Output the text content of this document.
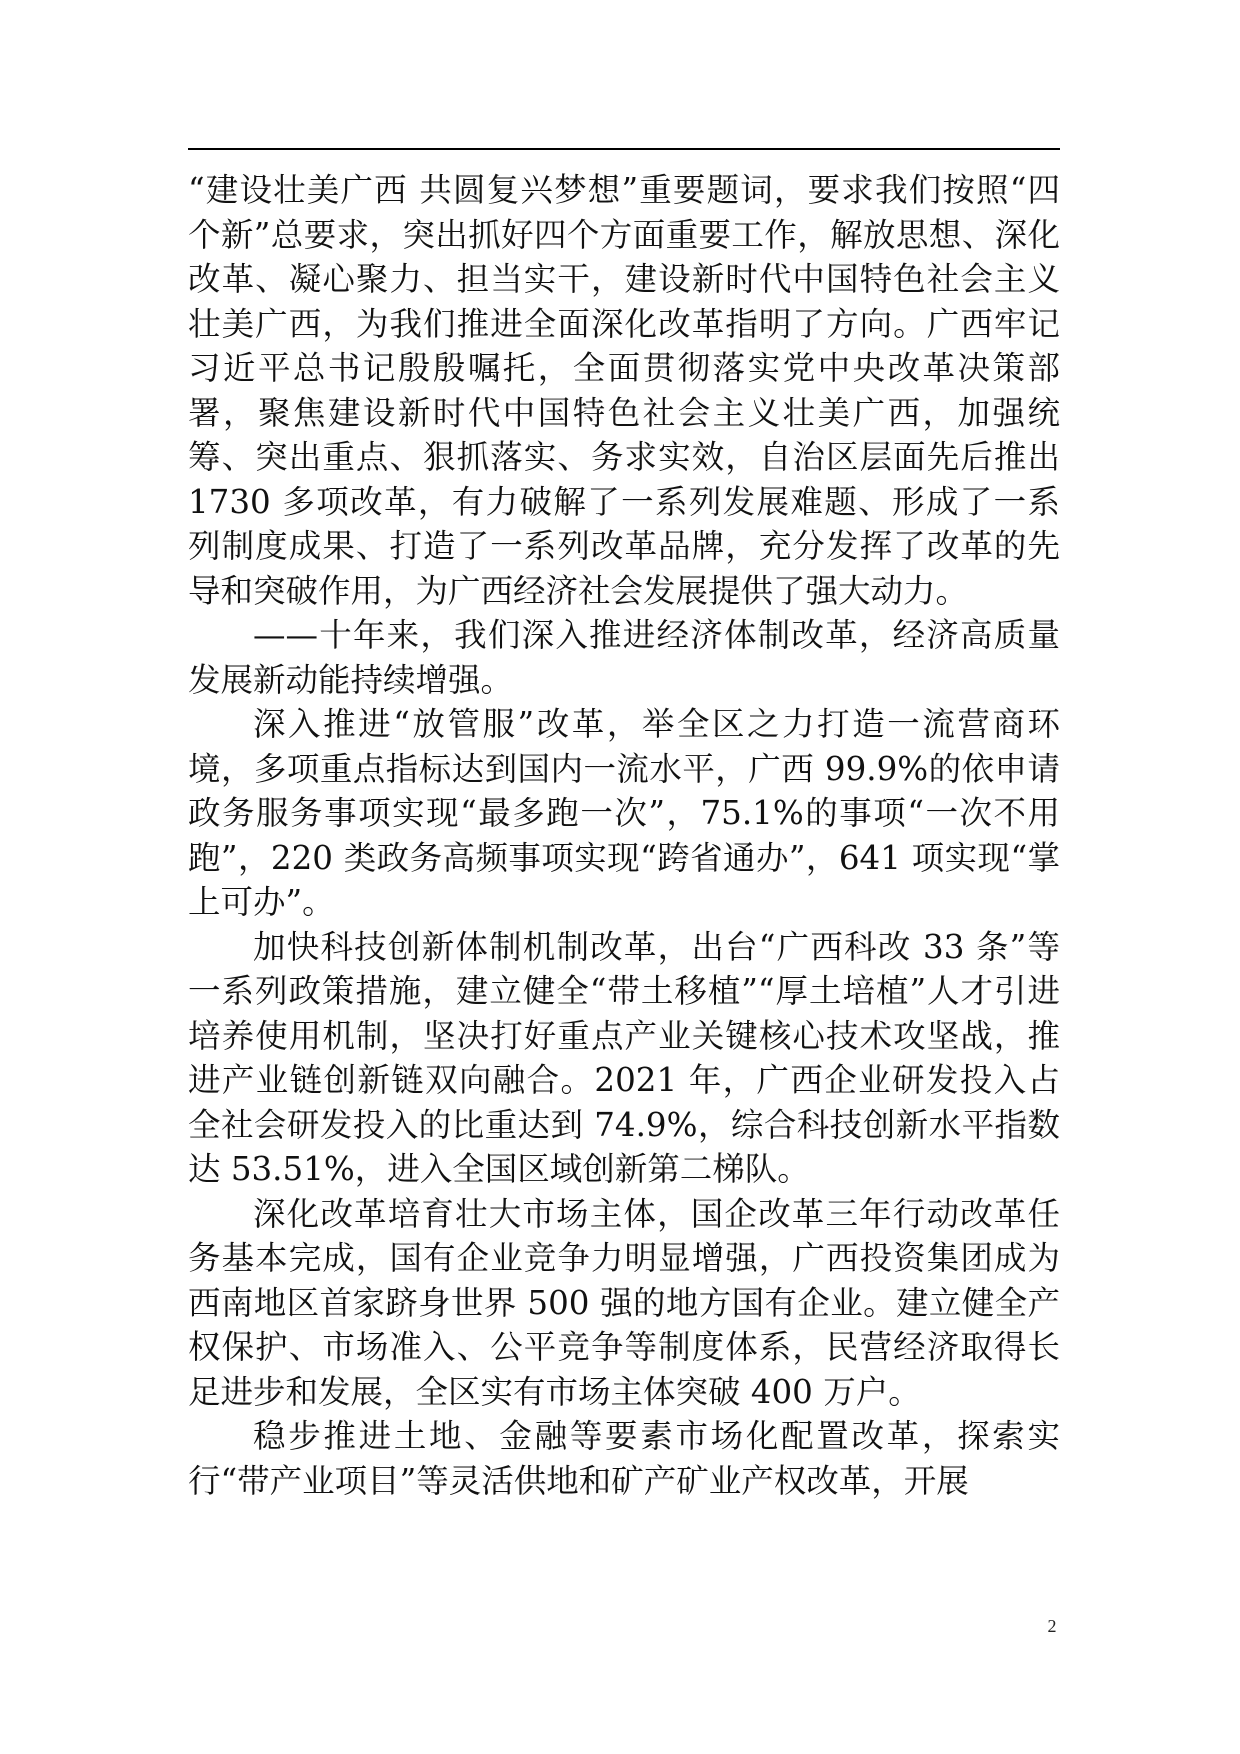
“建设壮美广西 共圆复兴梦想”重要题词，要求我们按照“四个新”总要求，突出抓好四个方面重要工作，解放思想、深化改革、凝心聚力、担当实干，建设新时代中国特色社会主义壮美广西，为我们推进全面深化改革指明了方向。广西牢记习近平总书记殷殷嘱托，全面贯彻落实党中央改革决策部署，聚焦建设新时代中国特色社会主义壮美广西，加强统筹、突出重点、狠抓落实、务求实效，自治区层面先后推出 1730 多项改革，有力破解了一系列发展难题、形成了一系列制度成果、打造了一系列改革品牌，充分发挥了改革的先导和突破作用，为广西经济社会发展提供了强大动力。

——十年来，我们深入推进经济体制改革，经济高质量发展新动能持续增强。

深入推进“放管服”改革，举全区之力打造一流营商环境，多项重点指标达到国内一流水平，广西 99.9%的依申请政务服务事项实现“最多跑一次”，75.1%的事项“一次不用跑”，220 类政务高频事项实现“跨省通办”，641 项实现“掌上可办”。

加快科技创新体制机制改革，出台“广西科改 33 条”等一系列政策措施，建立健全“带土移植”“厚土培植”人才引进培养使用机制，坚决打好重点产业关键核心技术攻坚战，推进产业链创新链双向融合。2021 年，广西企业研发投入占全社会研发投入的比重达到 74.9%，综合科技创新水平指数达 53.51%，进入全国区域创新第二梯队。

深化改革培育壮大市场主体，国企改革三年行动改革任务基本完成，国有企业竞争力明显增强，广西投资集团成为西南地区首家跻身世界 500 强的地方国有企业。建立健全产权保护、市场准入、公平竞争等制度体系，民营经济取得长足进步和发展，全区实有市场主体突破 400 万户。

稳步推进土地、金融等要素市场化配置改革，探索实行“带产业项目”等灵活供地和矿产矿业产权改革，开展

2
